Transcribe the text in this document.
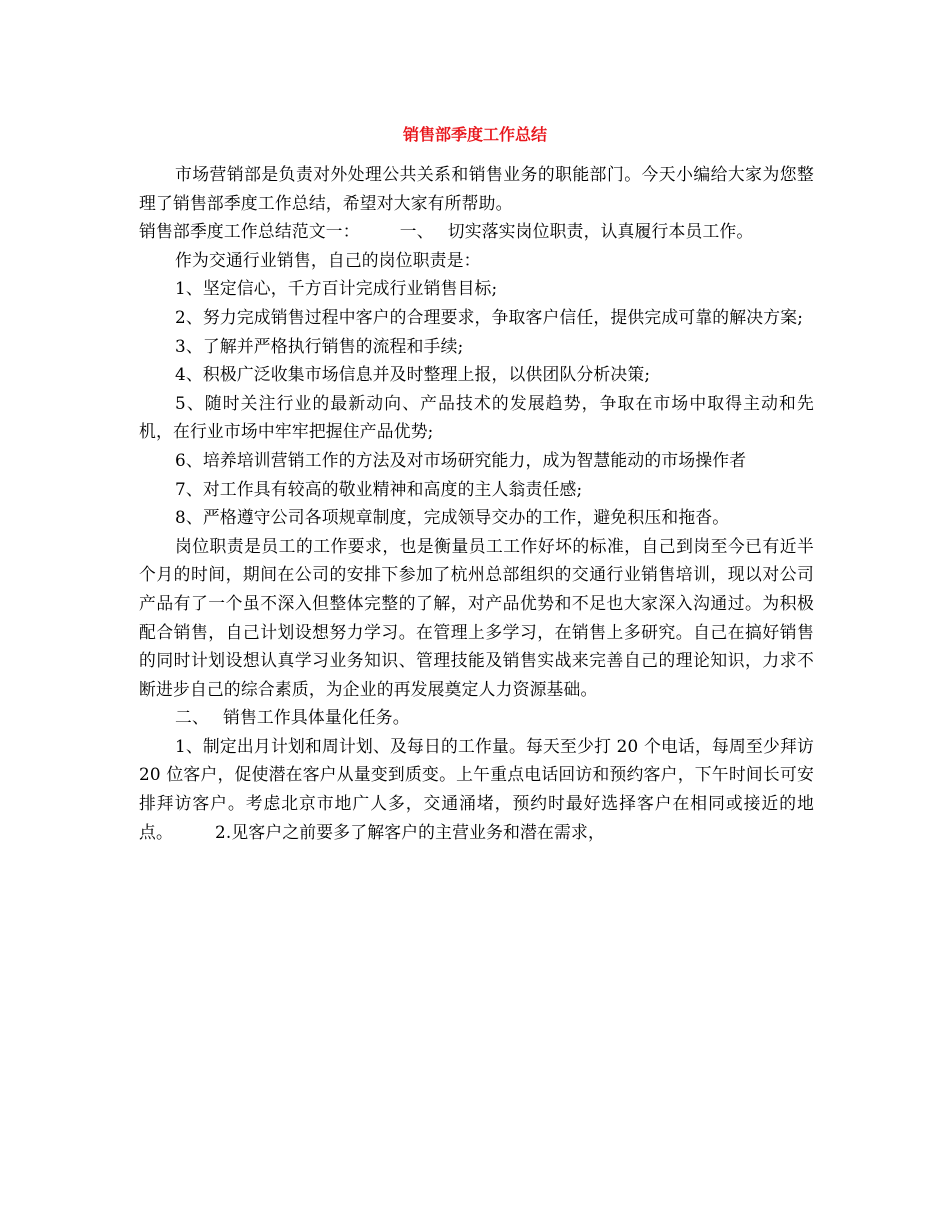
销售部季度工作总结

市场营销部是负责对外处理公共关系和销售业务的职能部门。今天小编给大家为您整理了销售部季度工作总结，希望对大家有所帮助。

销售部季度工作总结范文一： 一、 切实落实岗位职责，认真履行本员工作。

作为交通行业销售，自己的岗位职责是：

1、坚定信心，千方百计完成行业销售目标;

2、努力完成销售过程中客户的合理要求，争取客户信任，提供完成可靠的解决方案;

3、了解并严格执行销售的流程和手续;

4、积极广泛收集市场信息并及时整理上报，以供团队分析决策;

5、随时关注行业的最新动向、产品技术的发展趋势，争取在市场中取得主动和先机，在行业市场中牢牢把握住产品优势;

6、培养培训营销工作的方法及对市场研究能力，成为智慧能动的市场操作者

7、对工作具有较高的敬业精神和高度的主人翁责任感;

8、严格遵守公司各项规章制度，完成领导交办的工作，避免积压和拖沓。

岗位职责是员工的工作要求，也是衡量员工工作好坏的标准，自己到岗至今已有近半个月的时间，期间在公司的安排下参加了杭州总部组织的交通行业销售培训，现以对公司产品有了一个虽不深入但整体完整的了解，对产品优势和不足也大家深入沟通过。为积极配合销售，自己计划设想努力学习。在管理上多学习，在销售上多研究。自己在搞好销售的同时计划设想认真学习业务知识、管理技能及销售实战来完善自己的理论知识，力求不断进步自己的综合素质，为企业的再发展奠定人力资源基础。

二、 销售工作具体量化任务。

1、制定出月计划和周计划、及每日的工作量。每天至少打 20 个电话，每周至少拜访 20 位客户，促使潜在客户从量变到质变。上午重点电话回访和预约客户，下午时间长可安排拜访客户。考虑北京市地广人多，交通涌堵，预约时最好选择客户在相同或接近的地点。	2.见客户之前要多了解客户的主营业务和潜在需求，
